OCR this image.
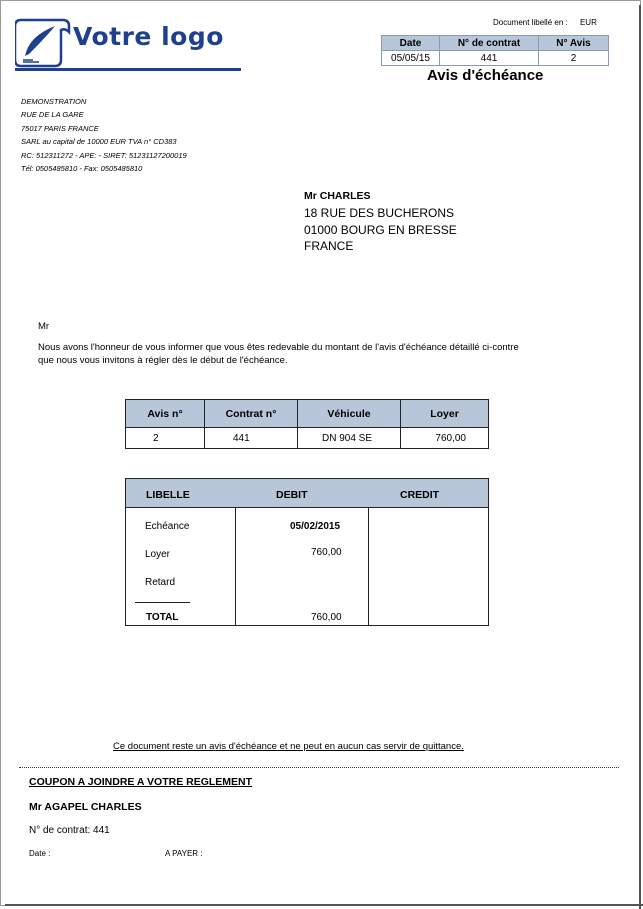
Votre logo	Document libellé en : EUR
Date	N° de contrat	N° Avis
05/05/15	441	2
Avis d'échéance
DEMONSTRATION
RUE DE LA GARE
75017 PARIS FRANCE
SARL au capital de 10000 EUR TVA n° CD383
RC: 512311272 - APE: - SIRET: 51231127200019
Tél: 0505485810 - Fax: 0505485810
Mr CHARLES
18 RUE DES BUCHERONS
01000 BOURG EN BRESSE
FRANCE
Mr
Nous avons l'honneur de vous informer que vous êtes redevable du montant de l'avis d'échéance détaillé ci-contre
que nous vous invitons à régler dès le début de l'échéance.
Avis n°	Contrat n°	Véhicule	Loyer
2	441	DN 904 SE	760,00
LIBELLE	DEBIT	CREDIT
Echéance	05/02/2015
Loyer	760,00
Retard
TOTAL	760,00
Ce document reste un avis d'échéance et ne peut en aucun cas servir de quittance.
COUPON A JOINDRE A VOTRE REGLEMENT
Mr AGAPEL CHARLES
N° de contrat: 441
Date :	A PAYER :
